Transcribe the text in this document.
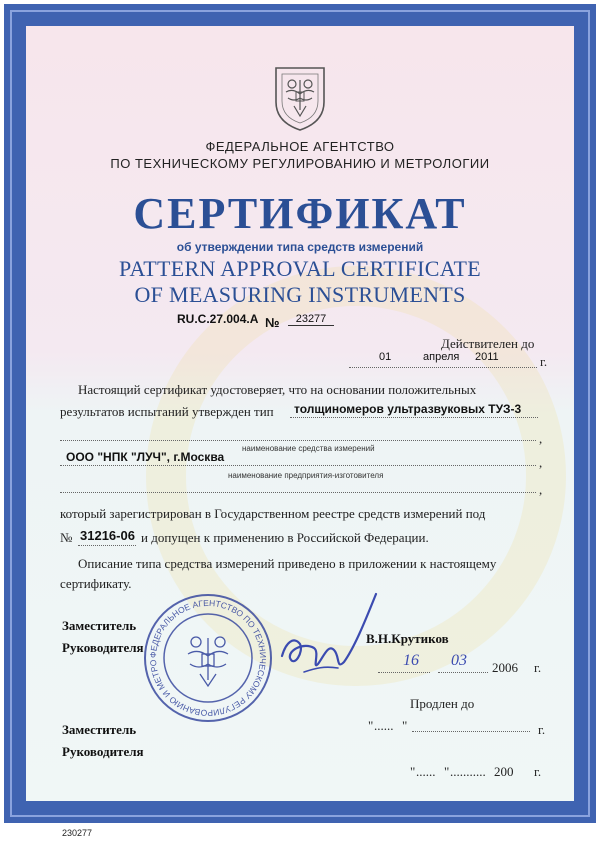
ФЕДЕРАЛЬНОЕ АГЕНТСТВО
ПО ТЕХНИЧЕСКОМУ РЕГУЛИРОВАНИЮ И МЕТРОЛОГИИ
СЕРТИФИКАТ
об утверждении типа средств измерений
PATTERN APPROVAL CERTIFICATE
OF MEASURING INSTRUMENTS
RU.C.27.004.A №	23277
Действителен до
01	апреля 2011	г.
Настоящий сертификат удостоверяет, что на основании положительных
результатов испытаний утвержден тип толщиномеров ультразвуковых ТУЗ-3
,
наименование средства измерений
ООО "НПК "ЛУЧ", г.Москва	,
наименование предприятия-изготовителя
,
который зарегистрирован в Государственном реестре средств измерений под
№ 31216-06 и допущен к применению в Российской Федерации.
Описание типа средства измерений приведено в приложении к настоящему
сертификату.
Заместитель
Руководителя ФЕДЕРАЛЬНОЕ АГЕНТСТВО ПО ТЕХНИЧЕСКОМУ РЕГУЛИРОВАНИЮ И МЕТРО
В.Н.Крутиков
16 03 2006 г.
Продлен до
" ...... "	г.
Заместитель
Руководителя
" ...... " ........... 200 г.
230277
